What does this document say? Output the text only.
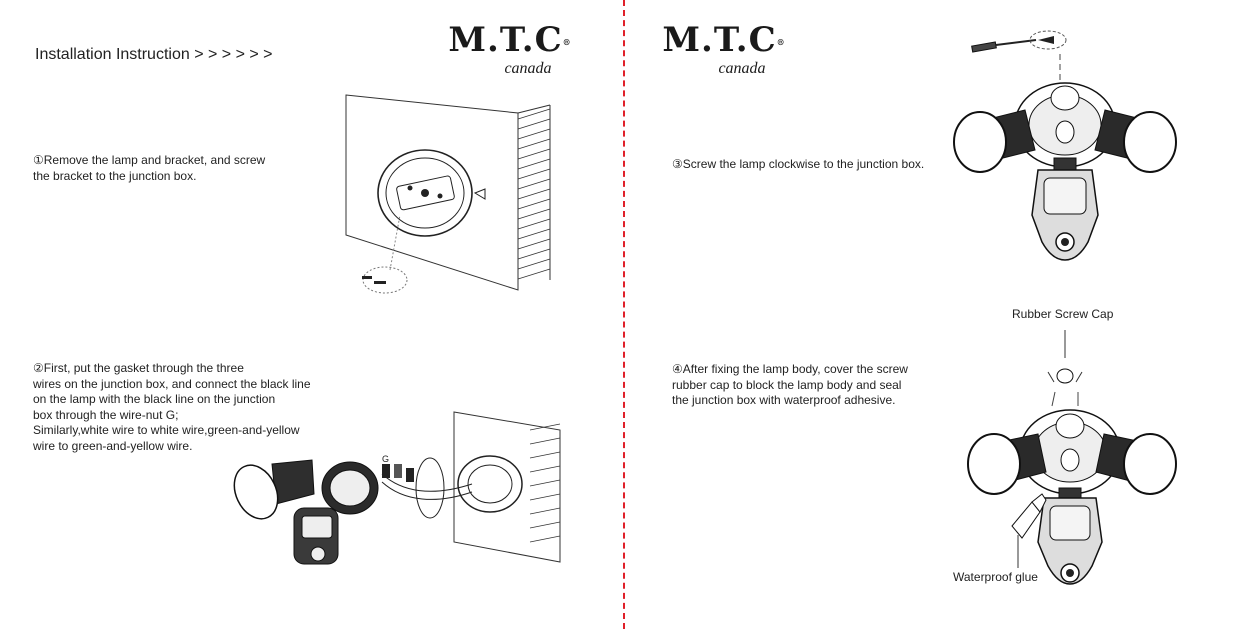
Installation Instruction > > > > > >	M.T.C®
canada
①Remove the lamp and bracket, and screw
the bracket to the junction box.
②First, put the gasket through the three
wires on the junction box, and connect the black line
on the lamp with the black line on the junction
box through the wire-nut G;
Similarly,white wire to white wire,green-and-yellow
wire to green-and-yellow wire.
G
M.T.C®
canada
③Screw the lamp clockwise to the junction box.
④After fixing the lamp body, cover the screw
rubber cap to block the lamp body and seal
the junction box with waterproof adhesive.
Rubber Screw Cap
Waterproof glue
